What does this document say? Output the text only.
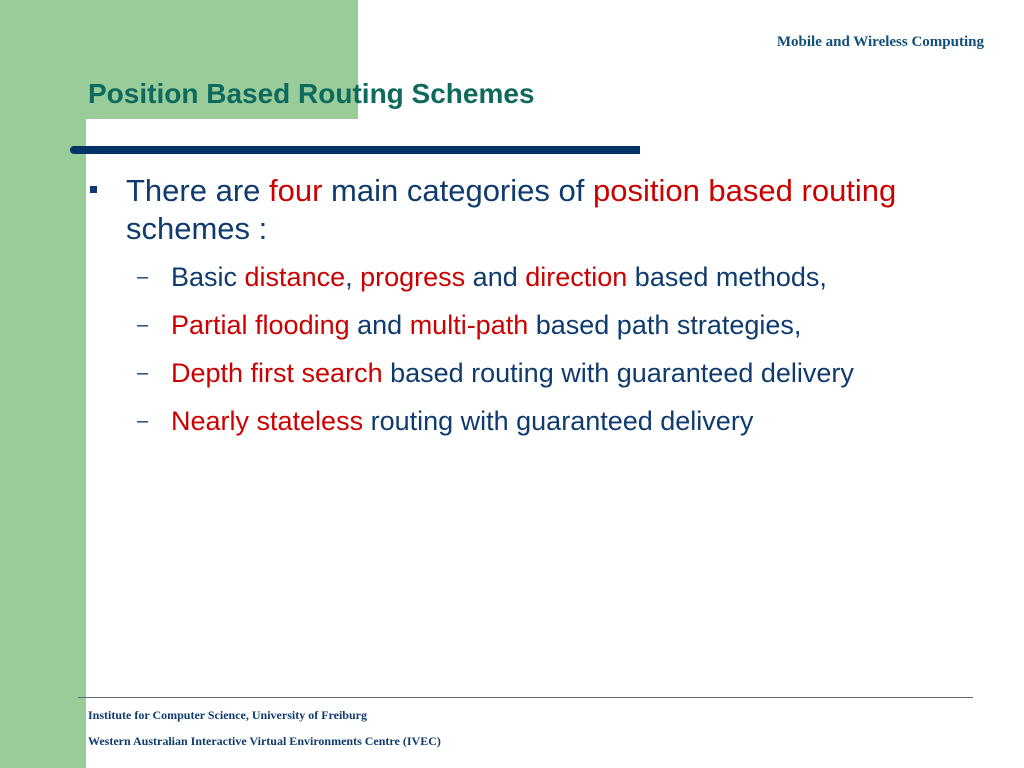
Mobile and Wireless Computing
Position Based Routing Schemes
There are four main categories of position based routing schemes :
– Basic distance, progress and direction based methods,
– Partial flooding and multi-path based path strategies,
– Depth first search based routing with guaranteed delivery
– Nearly stateless routing with guaranteed delivery
Institute for Computer Science, University of Freiburg
Western Australian Interactive Virtual Environments Centre (IVEC)
